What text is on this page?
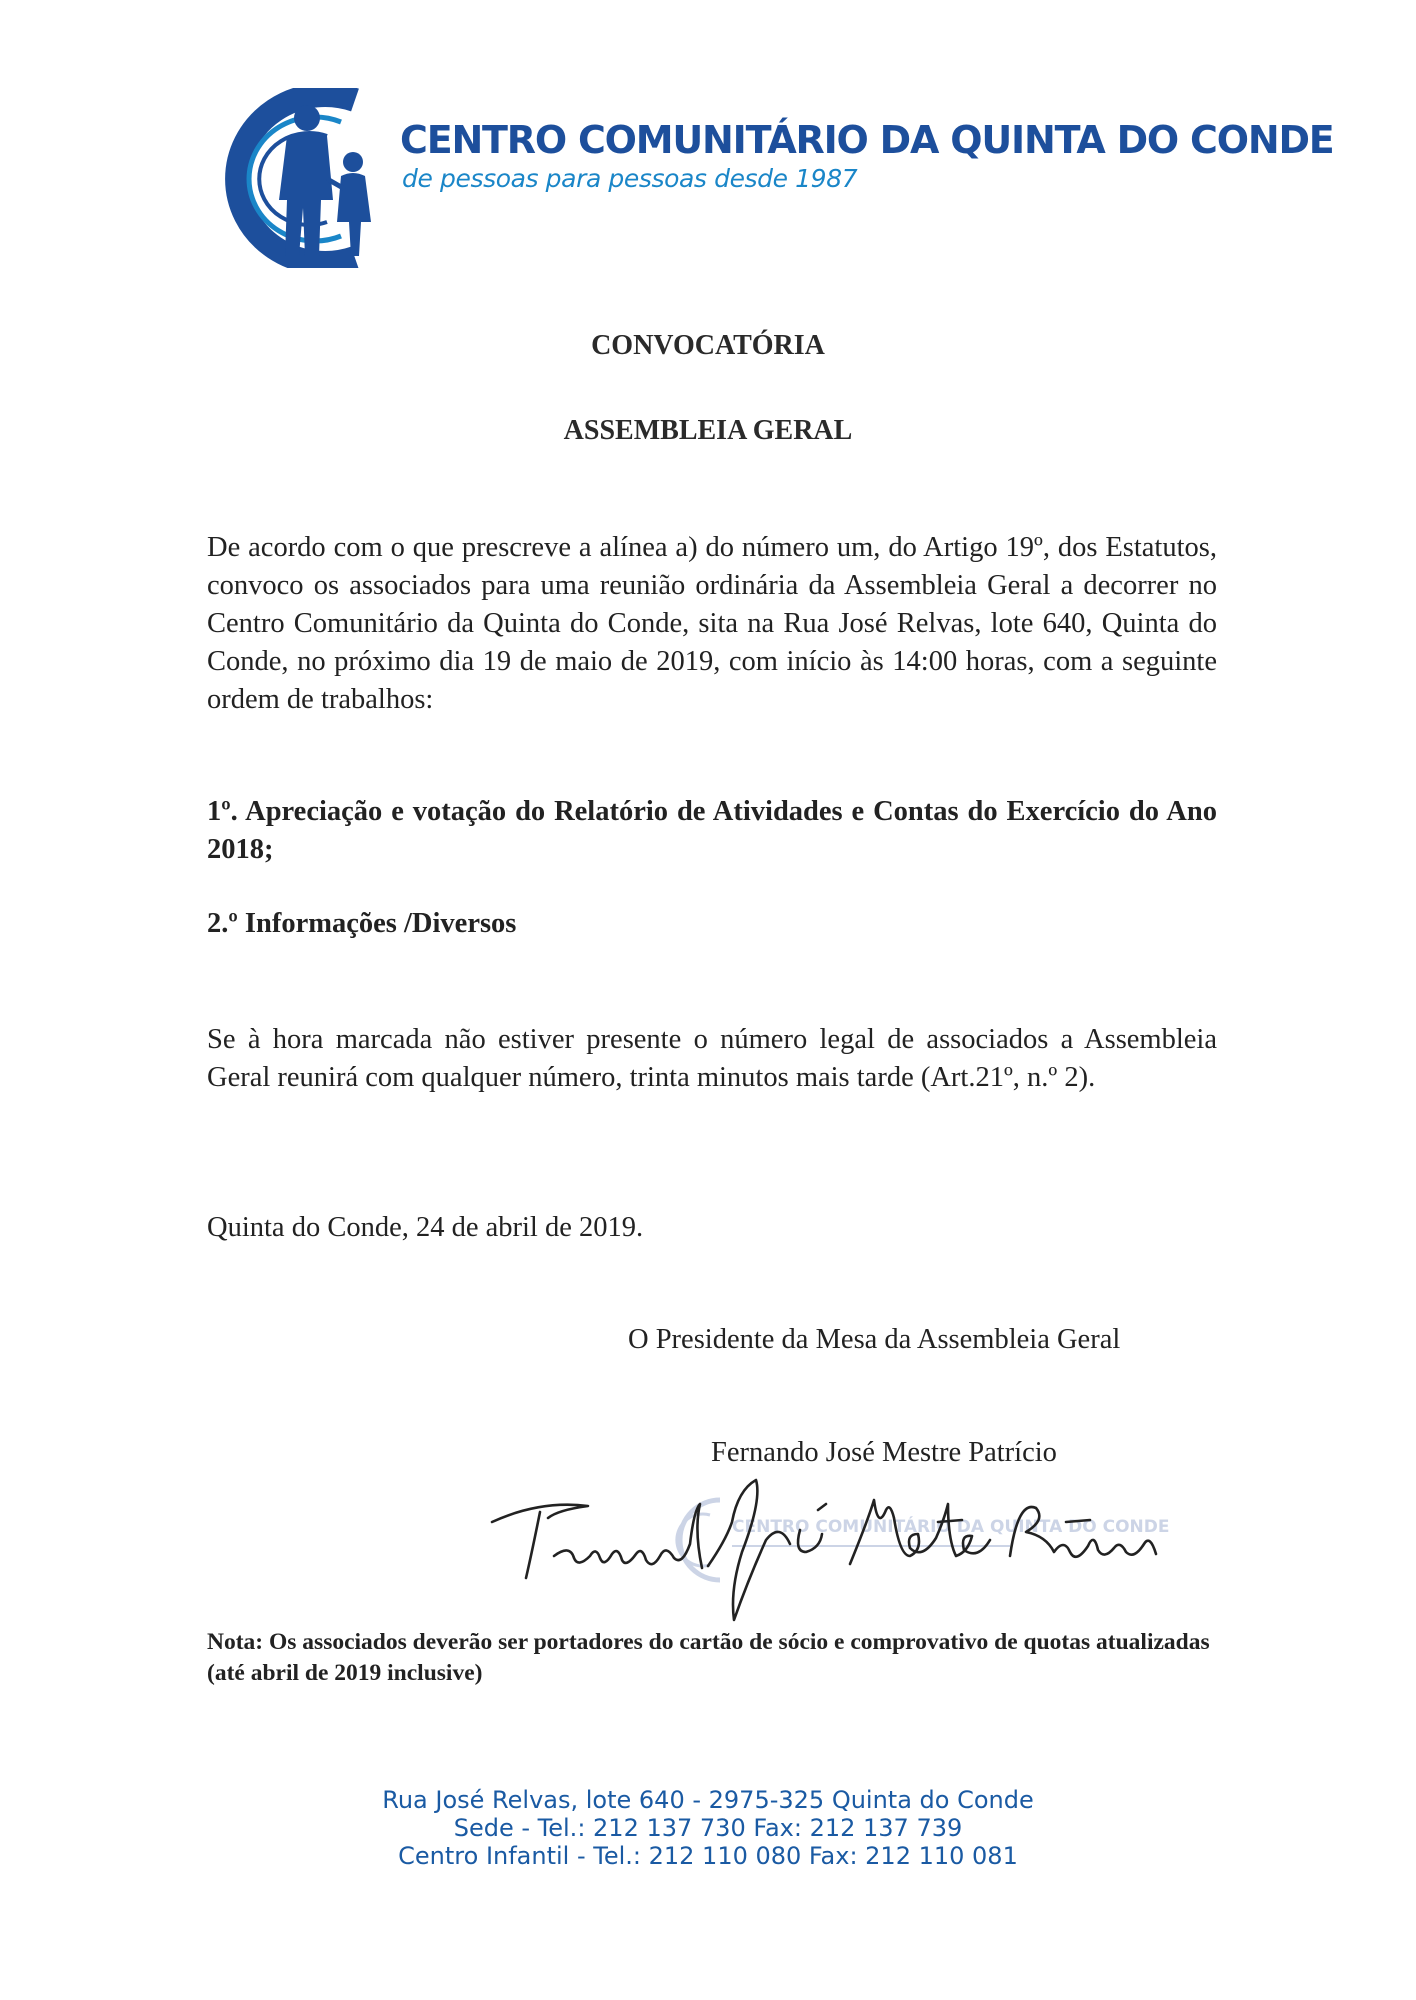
CENTRO COMUNITÁRIO DA QUINTA DO CONDE

de pessoas para pessoas desde 1987

CONVOCATÓRIA
ASSEMBLEIA GERAL

De acordo com o que prescreve a alínea a) do número um, do Artigo 19º, dos Estatutos, convoco os associados para uma reunião ordinária da Assembleia Geral a decorrer no Centro Comunitário da Quinta do Conde, sita na Rua José Relvas, lote 640, Quinta do Conde, no próximo dia 19 de maio de 2019, com início às 14:00 horas, com a seguinte ordem de trabalhos:

1º. Apreciação e votação do Relatório de Atividades e Contas do Exercício do Ano 2018;

2.º Informações /Diversos

Se à hora marcada não estiver presente o número legal de associados a Assembleia Geral reunirá com qualquer número, trinta minutos mais tarde (Art.21º, n.º 2).

Quinta do Conde, 24 de abril de 2019.

O Presidente da Mesa da Assembleia Geral

Fernando José Mestre Patrício

CENTRO COMUNITÁRIO DA QUINTA DO CONDE

Nota: Os associados deverão ser portadores do cartão de sócio e comprovativo de quotas atualizadas (até abril de 2019 inclusive)

Rua José Relvas, lote 640 - 2975-325 Quinta do Conde
Sede - Tel.: 212 137 730 Fax: 212 137 739
Centro Infantil - Tel.: 212 110 080 Fax: 212 110 081
